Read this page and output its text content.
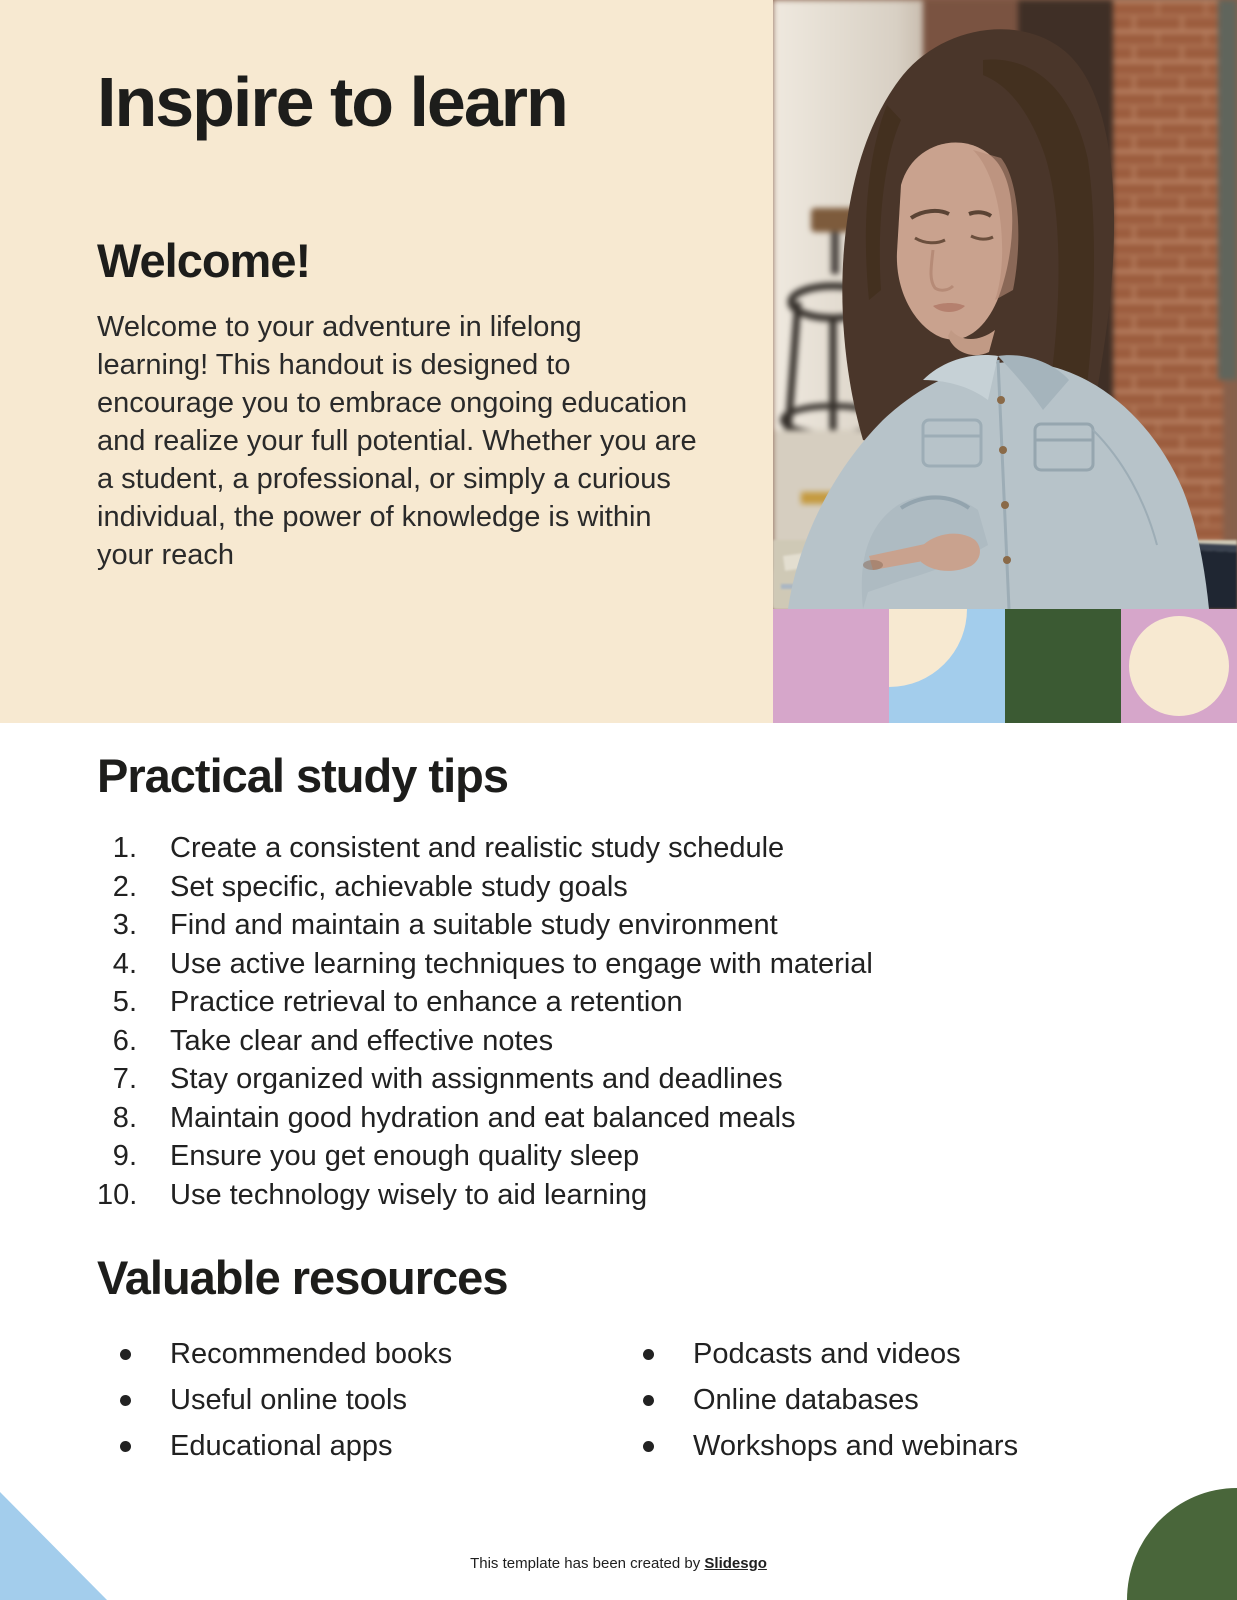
Inspire to learn
Welcome!

Welcome to your adventure in lifelong learning! This handout is designed to encourage you to embrace ongoing education and realize your full potential. Whether you are a student, a professional, or simply a curious individual, the power of knowledge is within your reach

Practical study tips
Create a consistent and realistic study schedule
Set specific, achievable study goals
Find and maintain a suitable study environment
Use active learning techniques to engage with material
Practice retrieval to enhance a retention
Take clear and effective notes
Stay organized with assignments and deadlines
Maintain good hydration and eat balanced meals
Ensure you get enough quality sleep
Use technology wisely to aid learning
Valuable resources
Recommended books
Useful online tools
Educational apps
Podcasts and videos
Online databases
Workshops and webinars
This template has been created by Slidesgo
